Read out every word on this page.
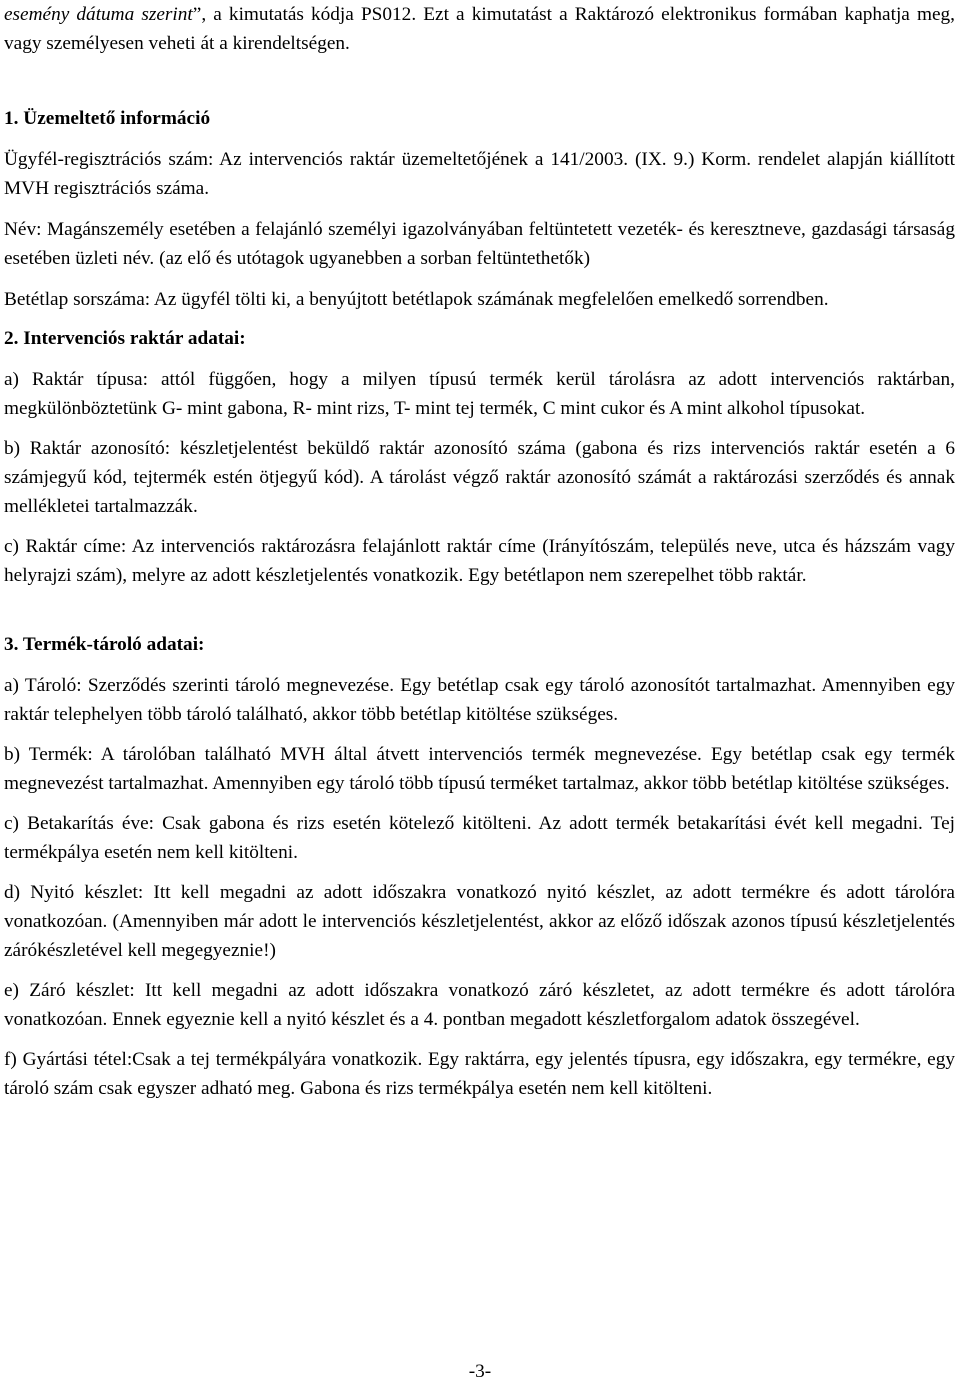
esemény dátuma szerint”, a kimutatás kódja PS012. Ezt a kimutatást a Raktározó elektronikus formában kaphatja meg, vagy személyesen veheti át a kirendeltségen.

1. Üzemeltető információ

Ügyfél-regisztrációs szám: Az intervenciós raktár üzemeltetőjének a 141/2003. (IX. 9.) Korm. rendelet alapján kiállított MVH regisztrációs száma.

Név: Magánszemély esetében a felajánló személyi igazolványában feltüntetett vezeték- és keresztneve, gazdasági társaság esetében üzleti név. (az elő és utótagok ugyanebben a sorban feltüntethetők)

Betétlap sorszáma: Az ügyfél tölti ki, a benyújtott betétlapok számának megfelelően emelkedő sorrendben.

2. Intervenciós raktár adatai:

a) Raktár típusa: attól függően, hogy a milyen típusú termék kerül tárolásra az adott intervenciós raktárban, megkülönböztetünk G- mint gabona, R- mint rizs, T- mint tej termék, C mint cukor és A mint alkohol típusokat.

b) Raktár azonosító: készletjelentést beküldő raktár azonosító száma (gabona és rizs intervenciós raktár esetén a 6 számjegyű kód, tejtermék estén ötjegyű kód). A tárolást végző raktár azonosító számát a raktározási szerződés és annak mellékletei tartalmazzák.

c) Raktár címe: Az intervenciós raktározásra felajánlott raktár címe (Irányítószám, település neve, utca és házszám vagy helyrajzi szám), melyre az adott készletjelentés vonatkozik. Egy betétlapon nem szerepelhet több raktár.

3. Termék-tároló adatai:

a) Tároló: Szerződés szerinti tároló megnevezése. Egy betétlap csak egy tároló azonosítót tartalmazhat. Amennyiben egy raktár telephelyen több tároló található, akkor több betétlap kitöltése szükséges.

b) Termék: A tárolóban található MVH által átvett intervenciós termék megnevezése. Egy betétlap csak egy termék megnevezést tartalmazhat. Amennyiben egy tároló több típusú terméket tartalmaz, akkor több betétlap kitöltése szükséges.

c) Betakarítás éve: Csak gabona és rizs esetén kötelező kitölteni. Az adott termék betakarítási évét kell megadni. Tej termékpálya esetén nem kell kitölteni.

d) Nyitó készlet: Itt kell megadni az adott időszakra vonatkozó nyitó készlet, az adott termékre és adott tárolóra vonatkozóan. (Amennyiben már adott le intervenciós készletjelentést, akkor az előző időszak azonos típusú készletjelentés zárókészletével kell megegyeznie!)

e) Záró készlet: Itt kell megadni az adott időszakra vonatkozó záró készletet, az adott termékre és adott tárolóra vonatkozóan. Ennek egyeznie kell a nyitó készlet és a 4. pontban megadott készletforgalom adatok összegével.

f) Gyártási tétel:Csak a tej termékpályára vonatkozik. Egy raktárra, egy jelentés típusra, egy időszakra, egy termékre, egy tároló szám csak egyszer adható meg. Gabona és rizs termékpálya esetén nem kell kitölteni.

-3-
